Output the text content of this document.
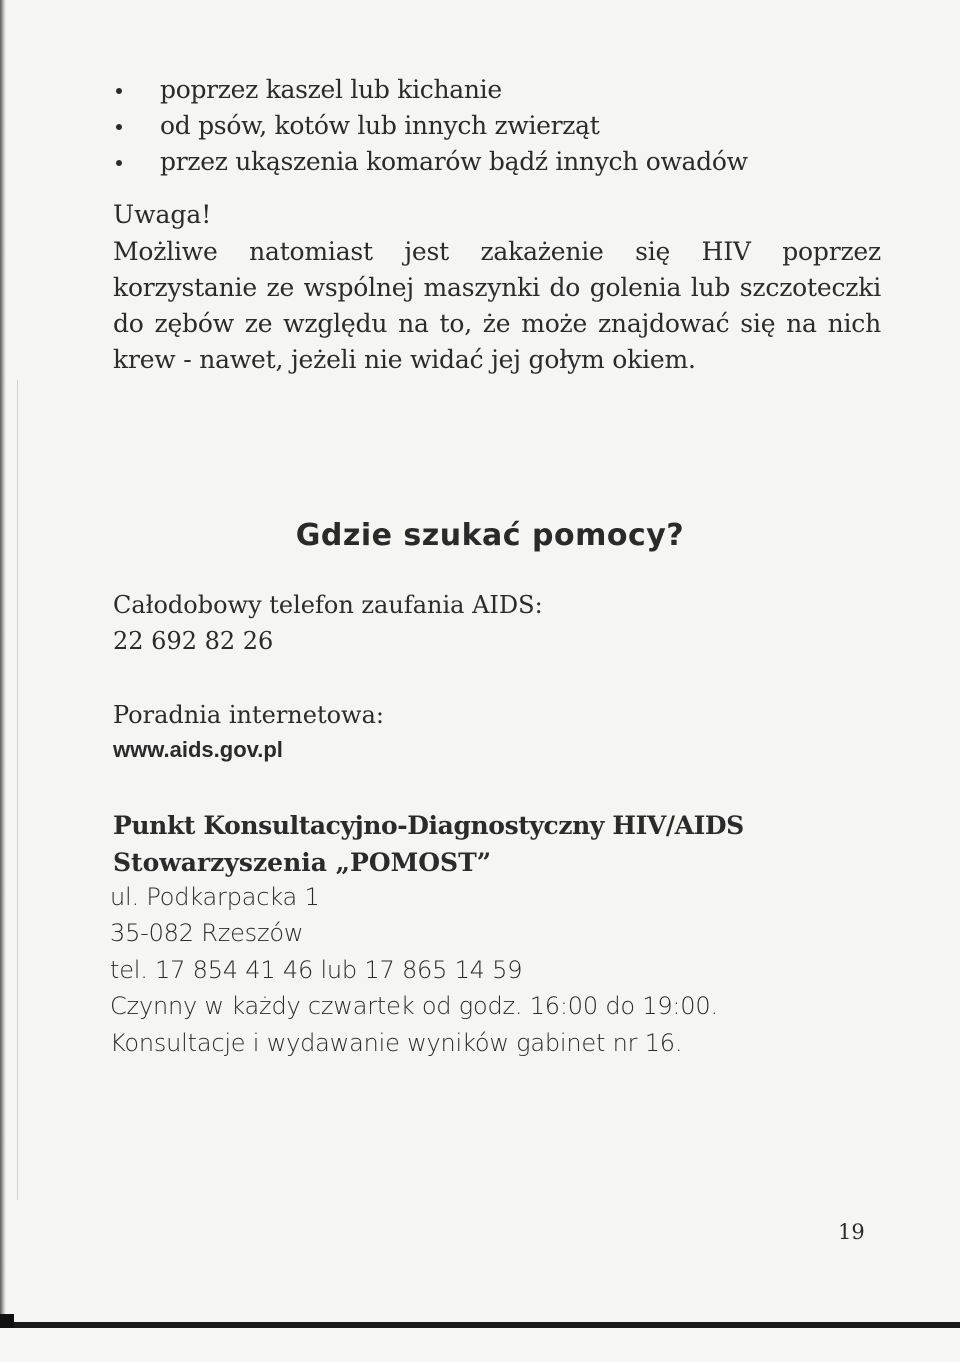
poprzez kaszel lub kichanie
od psów, kotów lub innych zwierząt
przez ukąszenia komarów bądź innych owadów
Uwaga!

Możliwe natomiast jest zakażenie się HIV poprzez korzystanie ze wspólnej maszynki do golenia lub szczoteczki do zębów ze względu na to, że może znajdować się na nich krew - nawet, jeżeli nie widać jej gołym okiem.

Gdzie szukać pomocy?
Całodobowy telefon zaufania AIDS:
22 692 82 26
Poradnia internetowa:
www.aids.gov.pl
Punkt Konsultacyjno-Diagnostyczny HIV/AIDS
Stowarzyszenia „POMOST”
ul. Podkarpacka 1
35-082 Rzeszów
tel. 17 854 41 46 lub 17 865 14 59
Czynny w każdy czwartek od godz. 16:00 do 19:00.
Konsultacje i wydawanie wyników gabinet nr 16.
19
